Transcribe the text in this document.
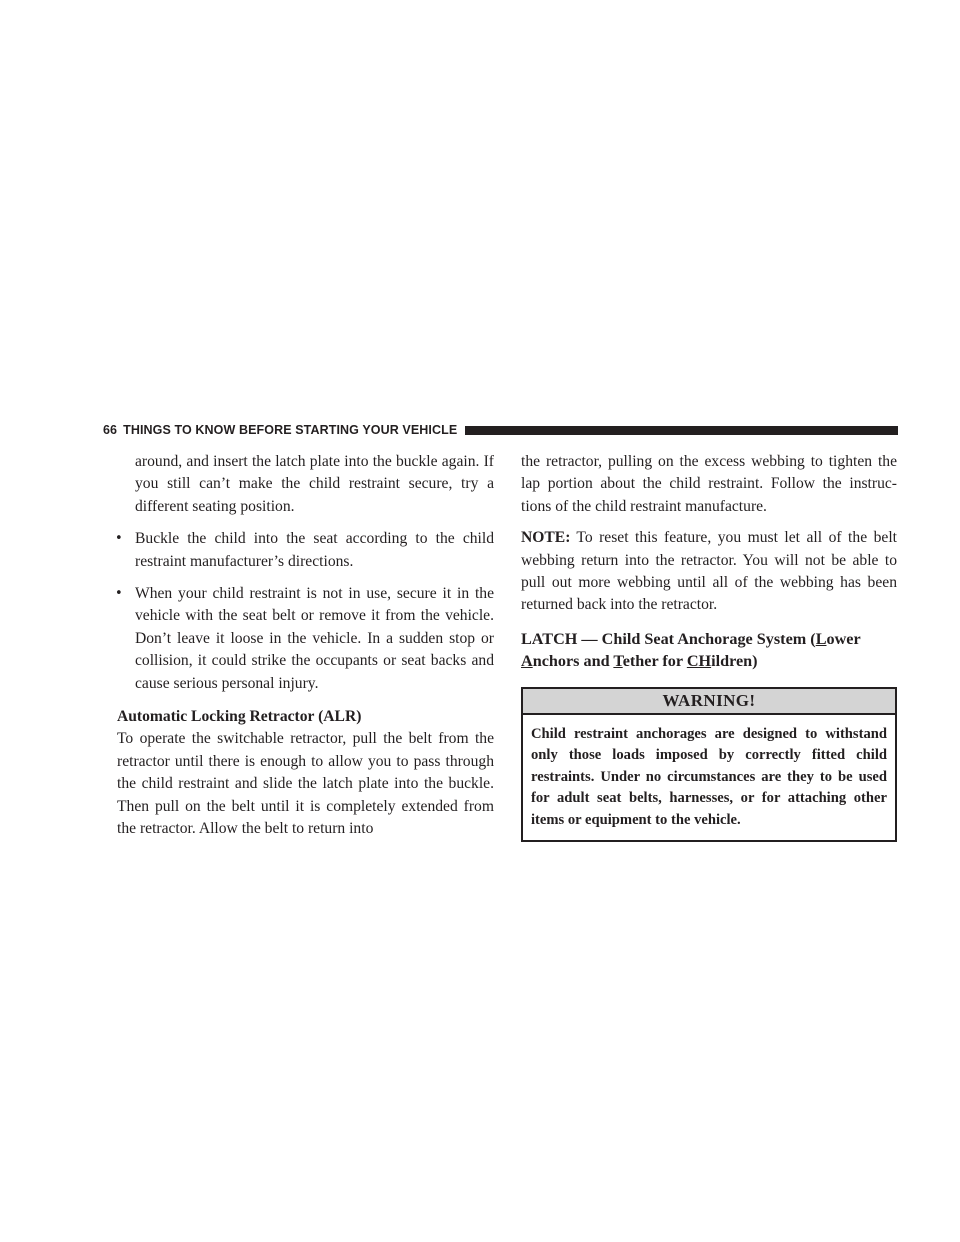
66 THINGS TO KNOW BEFORE STARTING YOUR VEHICLE

around, and insert the latch plate into the buckle again. If you still can’t make the child restraint secure, try a different seating position.

• Buckle the child into the seat according to the child restraint manufacturer’s directions.

• When your child restraint is not in use, secure it in the vehicle with the seat belt or remove it from the vehicle. Don’t leave it loose in the vehicle. In a sudden stop or collision, it could strike the occupants or seat backs and cause serious personal injury.

Automatic Locking Retractor (ALR)

To operate the switchable retractor, pull the belt from the retractor until there is enough to allow you to pass through the child restraint and slide the latch plate into the buckle. Then pull on the belt until it is completely extended from the retractor. Allow the belt to return into

the retractor, pulling on the excess webbing to tighten the lap portion about the child restraint. Follow the instruc-tions of the child restraint manufacture.

NOTE: To reset this feature, you must let all of the belt webbing return into the retractor. You will not be able to pull out more webbing until all of the webbing has been returned back into the retractor.

LATCH — Child Seat Anchorage System (Lower
Anchors and Tether for CHildren)
WARNING!
Child restraint anchorages are designed to withstand only those loads imposed by correctly fitted child restraints. Under no circumstances are they to be used for adult seat belts, harnesses, or for attaching other items or equipment to the vehicle.
